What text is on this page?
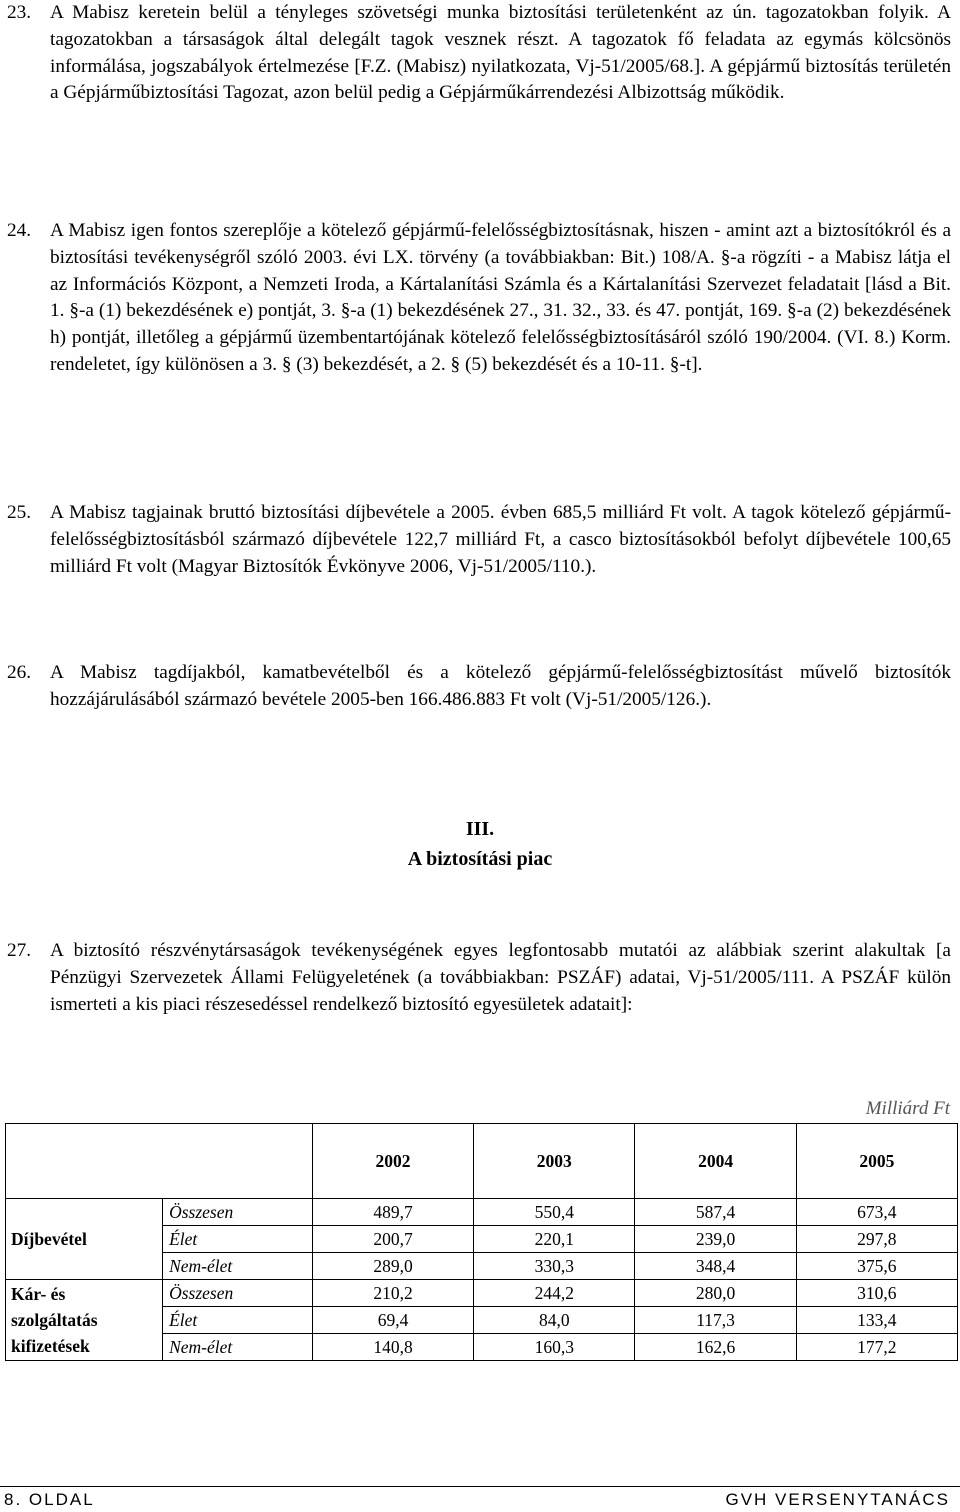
23. A Mabisz keretein belül a tényleges szövetségi munka biztosítási területenként az ún. tagozatokban folyik. A tagozatokban a társaságok által delegált tagok vesznek részt. A tagozatok fő feladata az egymás kölcsönös informálása, jogszabályok értelmezése [F.Z. (Mabisz) nyilatkozata, Vj-51/2005/68.]. A gépjármű biztosítás területén a Gépjárműbiztosítási Tagozat, azon belül pedig a Gépjárműkárrendezési Albizottság működik.

24. A Mabisz igen fontos szereplője a kötelező gépjármű-felelősségbiztosításnak, hiszen - amint azt a biztosítókról és a biztosítási tevékenységről szóló 2003. évi LX. törvény (a továbbiakban: Bit.) 108/A. §-a rögzíti - a Mabisz látja el az Információs Központ, a Nemzeti Iroda, a Kártalanítási Számla és a Kártalanítási Szervezet feladatait [lásd a Bit. 1. §-a (1) bekezdésének e) pontját, 3. §-a (1) bekezdésének 27., 31. 32., 33. és 47. pontját, 169. §-a (2) bekezdésének h) pontját, illetőleg a gépjármű üzembentartójának kötelező felelősségbiztosításáról szóló 190/2004. (VI. 8.) Korm. rendeletet, így különösen a 3. § (3) bekezdését, a 2. § (5) bekezdését és a 10-11. §-t].

25. A Mabisz tagjainak bruttó biztosítási díjbevétele a 2005. évben 685,5 milliárd Ft volt. A tagok kötelező gépjármű-felelősségbiztosításból származó díjbevétele 122,7 milliárd Ft, a casco biztosításokból befolyt díjbevétele 100,65 milliárd Ft volt (Magyar Biztosítók Évkönyve 2006, Vj-51/2005/110.).

26. A Mabisz tagdíjakból, kamatbevételből és a kötelező gépjármű-felelősségbiztosítást művelő biztosítók hozzájárulásából származó bevétele 2005-ben 166.486.883 Ft volt (Vj-51/2005/126.).

III.
A biztosítási piac
27. A biztosító részvénytársaságok tevékenységének egyes legfontosabb mutatói az alábbiak szerint alakultak [a Pénzügyi Szervezetek Állami Felügyeletének (a továbbiakban: PSZÁF) adatai, Vj-51/2005/111. A PSZÁF külön ismerteti a kis piaci részesedéssel rendelkező biztosító egyesületek adatait]:

Milliárd Ft
		2002	2003	2004	2005
Díjbevétel	Összesen	489,7	550,4	587,4	673,4
	Élet	200,7	220,1	239,0	297,8
	Nem-élet	289,0	330,3	348,4	375,6
Kár- és szolgáltatás kifizetések	Összesen	210,2	244,2	280,0	310,6
	Élet	69,4	84,0	117,3	133,4
	Nem-élet	140,8	160,3	162,6	177,2
8. OLDAL	GVH VERSENYTANÁCS
